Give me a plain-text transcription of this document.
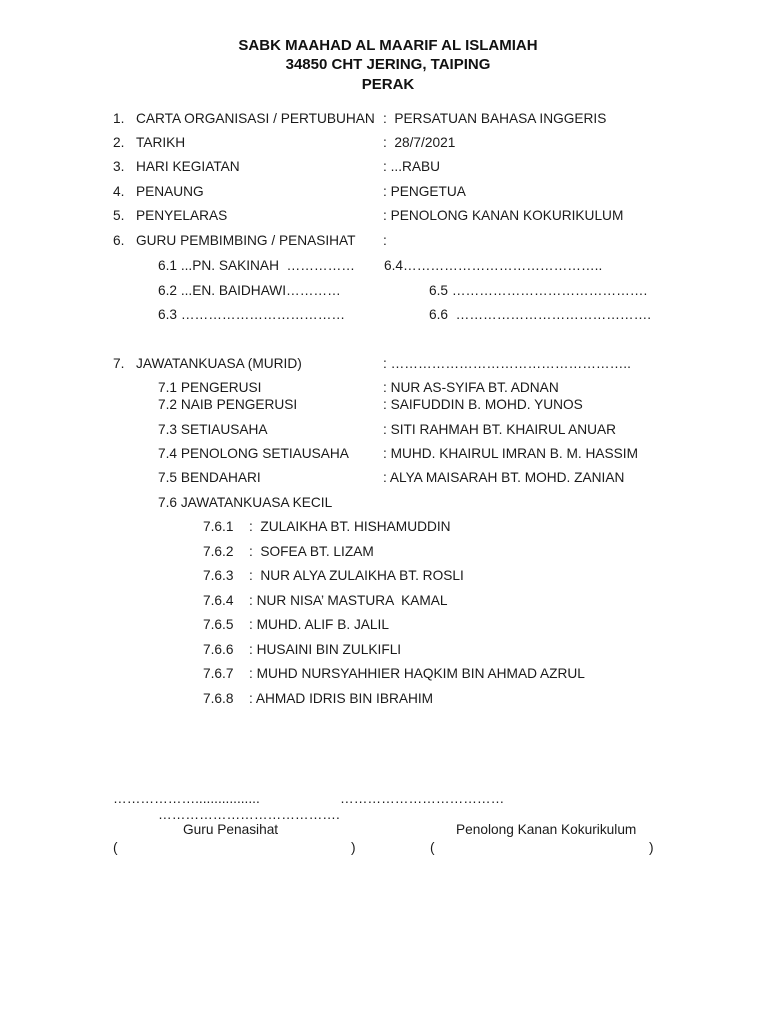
SABK MAAHAD AL MAARIF AL ISLAMIAH
34850 CHT JERING, TAIPING
PERAK
1. CARTA ORGANISASI / PERTUBUHAN :  PERSATUAN BAHASA INGGERIS
2. TARIKH	:  28/7/2021
3. HARI KEGIATAN	: ...RABU
4. PENAUNG	: PENGETUA
5. PENYELARAS	: PENOLONG KANAN KOKURIKULUM
6. GURU PEMBIMBING / PENASIHAT :
6.1 ...PN. SAKINAH  …………… 6.4……………………………………..
6.2 ...EN. BAIDHAWI…………	6.5 …………………………………….
6.3 ………………………………	6.6  …………………………………….
7. JAWATANKUASA (MURID)	: ……………………………………………..
7.1 PENGERUSI	: NUR AS-SYIFA BT. ADNAN
7.2 NAIB PENGERUSI	: SAIFUDDIN B. MOHD. YUNOS
7.3 SETIAUSAHA	: SITI RAHMAH BT. KHAIRUL ANUAR
7.4 PENOLONG SETIAUSAHA : MUHD. KHAIRUL IMRAN B. M. HASSIM
7.5 BENDAHARI	: ALYA MAISARAH BT. MOHD. ZANIAN
7.6 JAWATANKUASA KECIL
7.6.1 :  ZULAIKHA BT. HISHAMUDDIN
7.6.2 :  SOFEA BT. LIZAM
7.6.3 :  NUR ALYA ZULAIKHA BT. ROSLI
7.6.4 : NUR NISA’ MASTURA  KAMAL
7.6.5 : MUHD. ALIF B. JALIL
7.6.6 : HUSAINI BIN ZULKIFLI
7.6.7 : MUHD NURSYAHHIER HAQKIM BIN AHMAD AZRUL
7.6.8 : AHMAD IDRIS BIN IBRAHIM
……………….................	………………………………
………………………………….
Guru Penasihat	Penolong Kanan Kokurikulum
(	)	(	)
